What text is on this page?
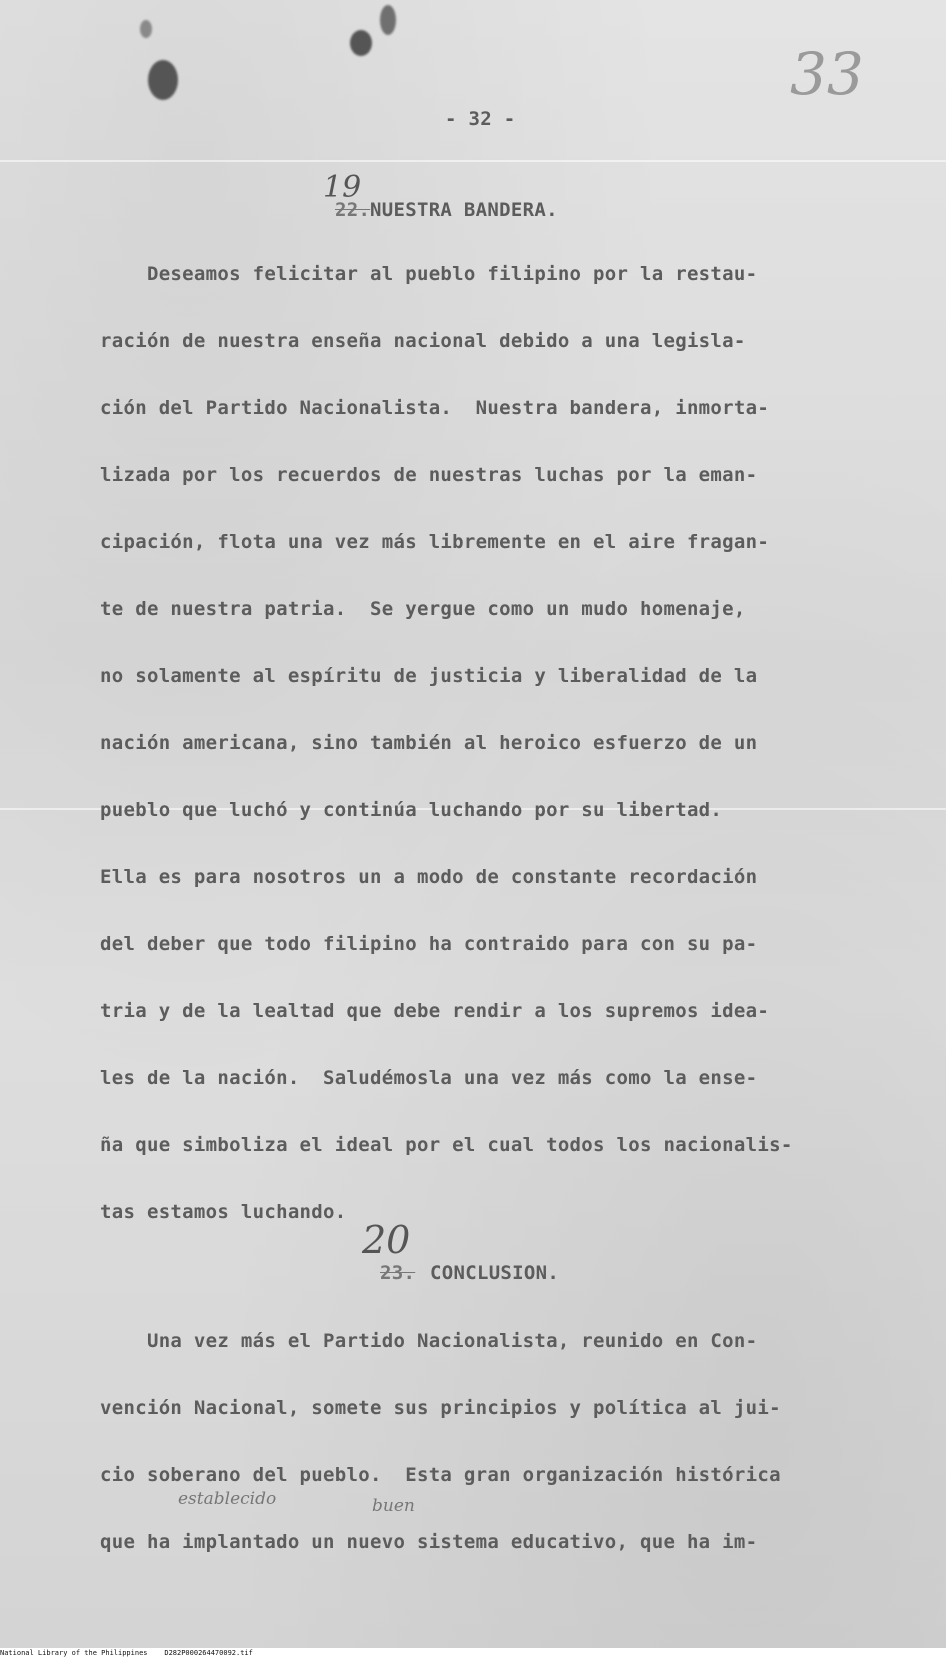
33
- 32 -
19
22. NUESTRA BANDERA.
Deseamos felicitar al pueblo filipino por la restau-
ración de nuestra enseña nacional debido a una legisla-
ción del Partido Nacionalista.  Nuestra bandera, inmorta-
lizada por los recuerdos de nuestras luchas por la eman-
cipación, flota una vez más libremente en el aire fragan-
te de nuestra patria.  Se yergue como un mudo homenaje,
no solamente al espíritu de justicia y liberalidad de la
nación americana, sino también al heroico esfuerzo de un
pueblo que luchó y continúa luchando por su libertad.
Ella es para nosotros un a modo de constante recordación
del deber que todo filipino ha contraido para con su pa-
tria y de la lealtad que debe rendir a los supremos idea-
les de la nación.  Saludémosla una vez más como la ense-
ña que simboliza el ideal por el cual todos los nacionalis-
tas estamos luchando.
20
23. CONCLUSION.
Una vez más el Partido Nacionalista, reunido en Con-
vención Nacional, somete sus principios y política al jui-
cio soberano del pueblo.  Esta gran organización histórica
que ha implantado un nuevo sistema educativo, que ha im-
establecido	buen
National Library of the Philippines    D282P000264470092.tif
